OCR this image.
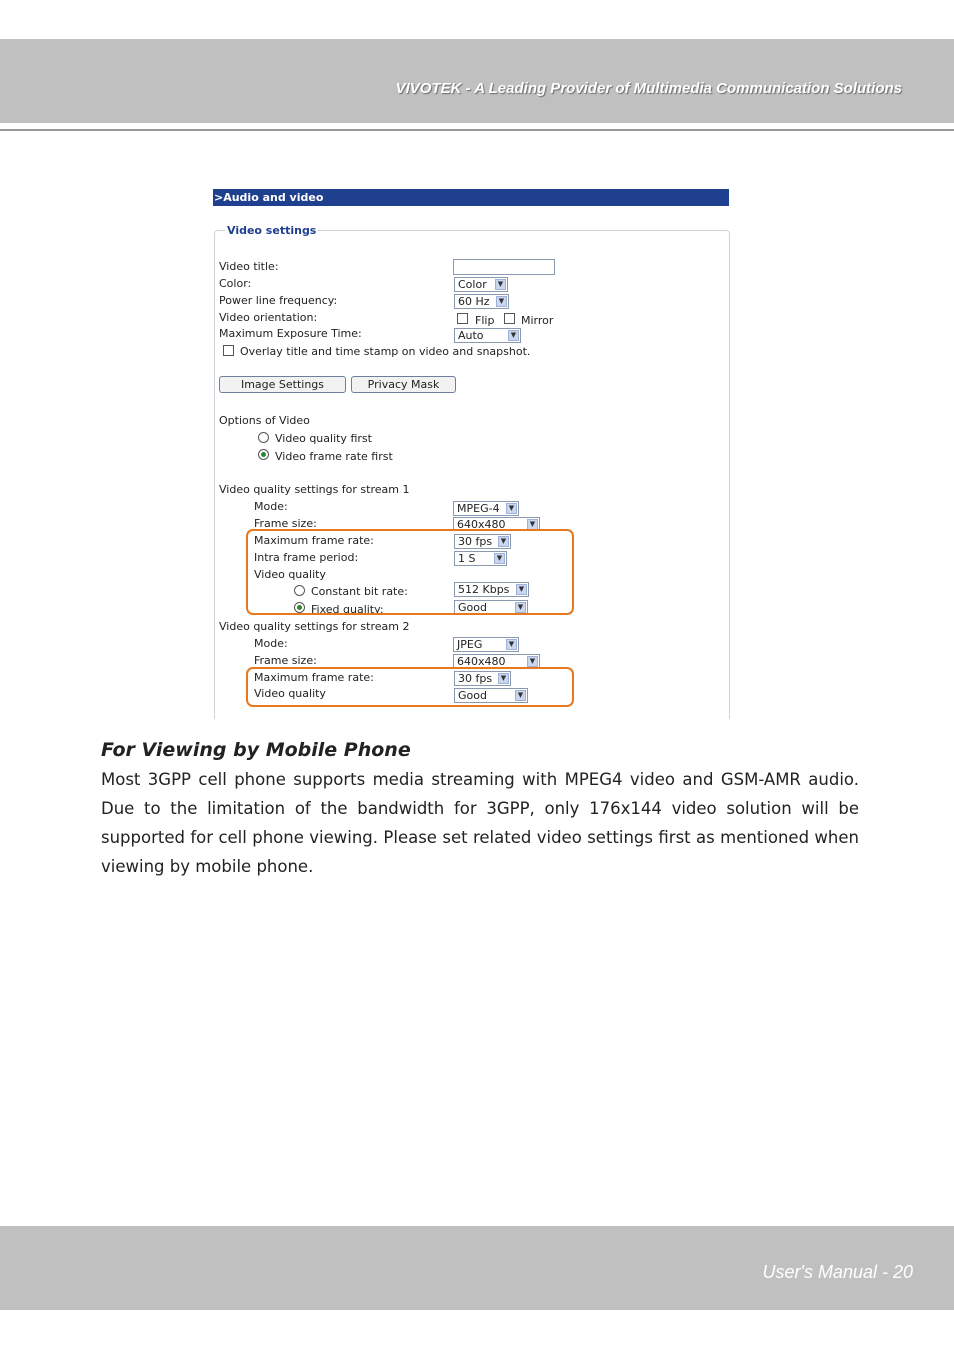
VIVOTEK - A Leading Provider of Multimedia Communication Solutions
>Audio and video
Video settings
Video title:
Color:	Color	▼
Power line frequency:	60 Hz	▼
Video orientation:	Flip Mirror
Maximum Exposure Time:	Auto	▼
Overlay title and time stamp on video and snapshot.
Image Settings	Privacy Mask
Options of Video
Video quality first
Video frame rate first
Video quality settings for stream 1
Mode:	MPEG-4	▼
Frame size:	640x480	▼
Maximum frame rate:	30 fps	▼
Intra frame period:	1 S	▼
Video quality
Constant bit rate:	512 Kbps	▼
Fixed quality:	Good	▼
Video quality settings for stream 2
Mode:	JPEG	▼
Frame size:	640x480	▼
Maximum frame rate:	30 fps	▼
Video quality	Good	▼
For Viewing by Mobile Phone
Most 3GPP cell phone supports media streaming with MPEG4 video and GSM-AMR audio. Due to the limitation of the bandwidth for 3GPP, only 176x144 video solution will be supported for cell phone viewing. Please set related video settings first as mentioned when viewing by mobile phone.
User's Manual - 20
